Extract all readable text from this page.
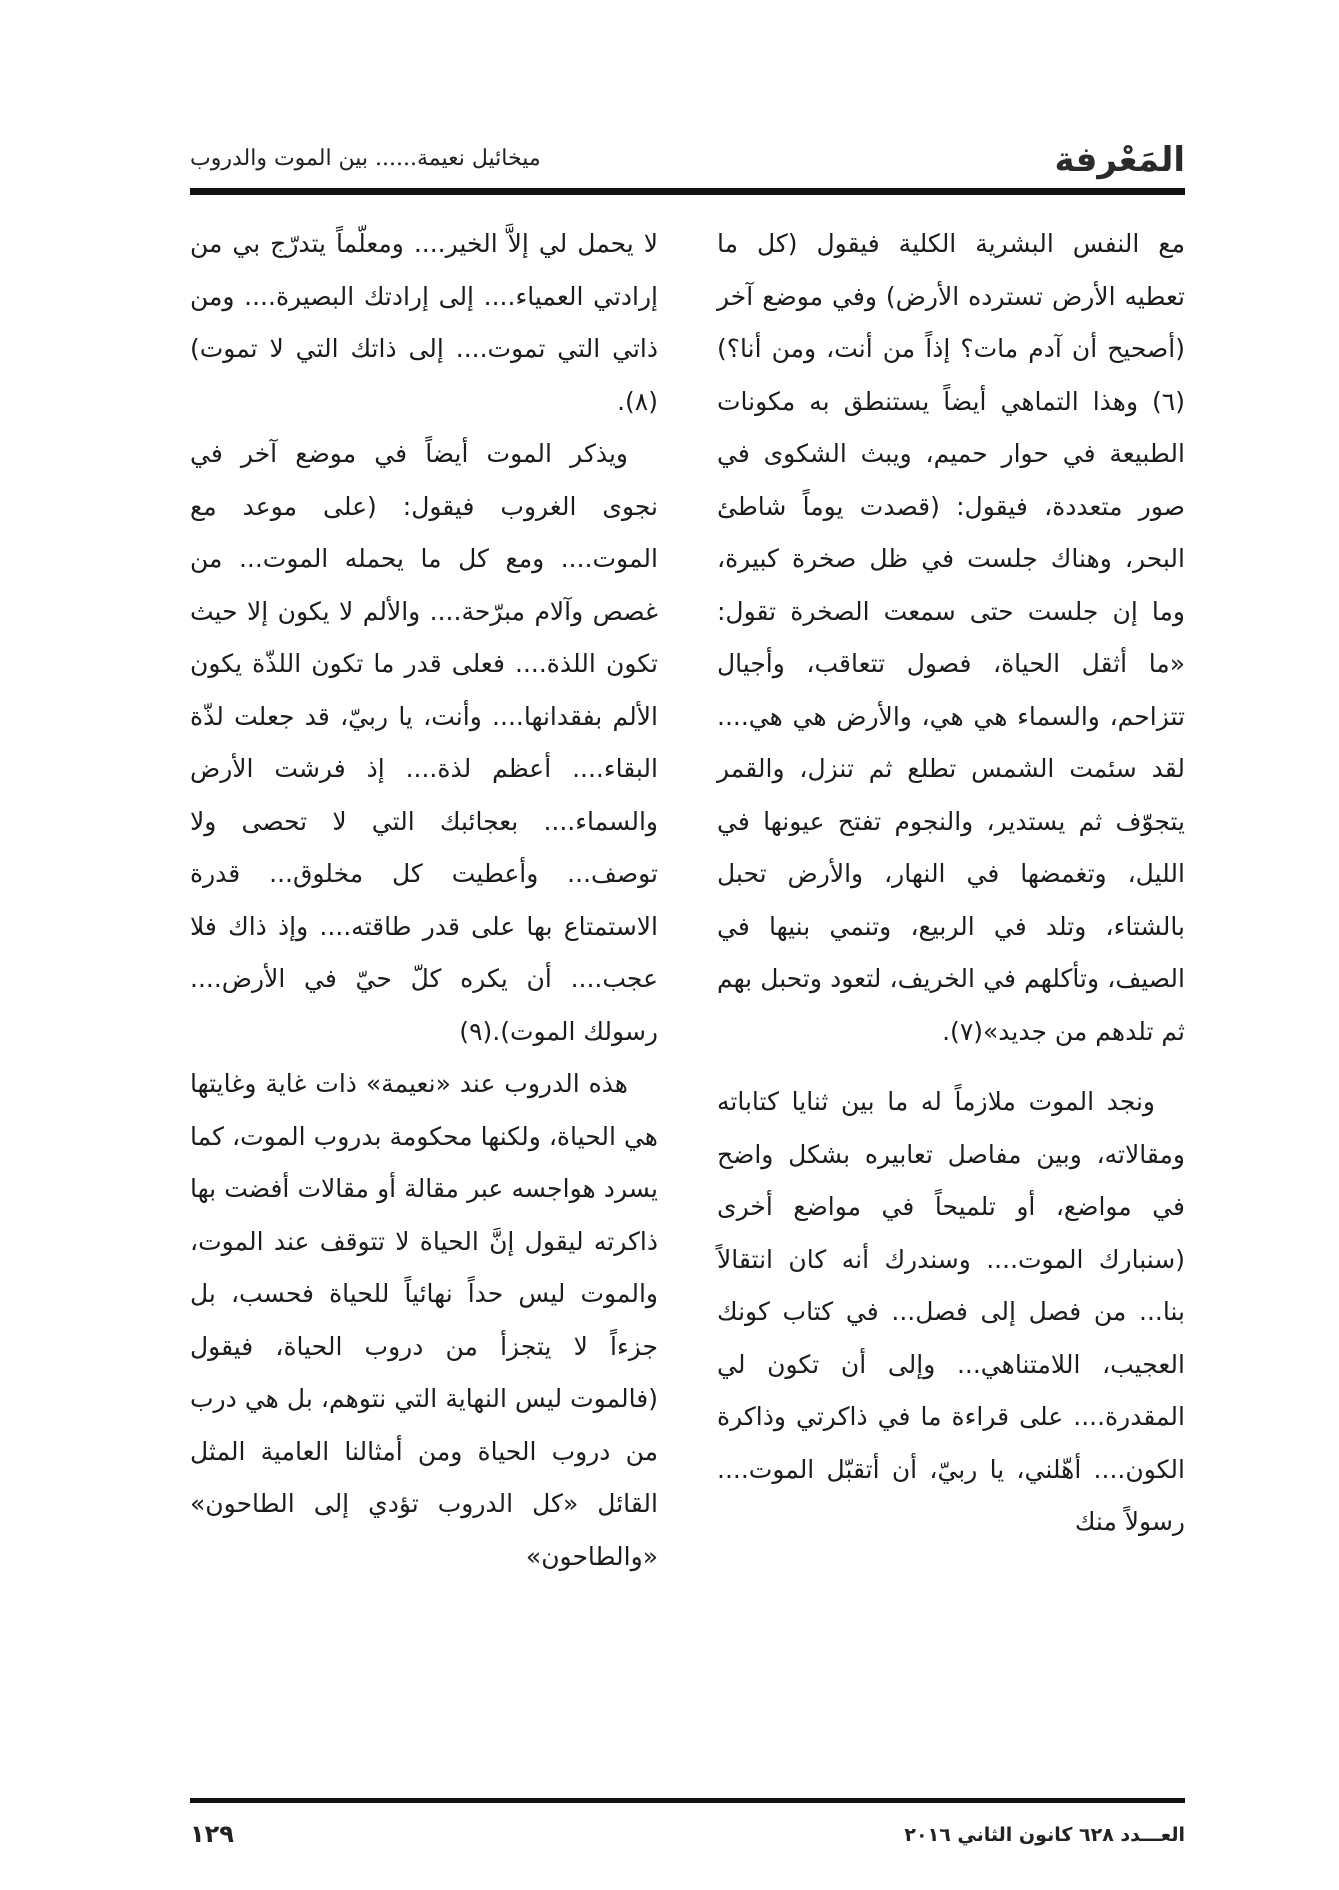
المَعْرفة
ميخائيل نعيمة...... بين الموت والدروب

مع النفس البشرية الكلية فيقول (كل ما تعطيه الأرض تسترده الأرض) وفي موضع آخر (أصحيح أن آدم مات؟ إذاً من أنت، ومن أنا؟)(٦) وهذا التماهي أيضاً يستنطق به مكونات الطبيعة في حوار حميم، ويبث الشكوى في صور متعددة، فيقول: (قصدت يوماً شاطئ البحر، وهناك جلست في ظل صخرة كبيرة، وما إن جلست حتى سمعت الصخرة تقول: «ما أثقل الحياة، فصول تتعاقب، وأجيال تتزاحم، والسماء هي هي، والأرض هي هي.... لقد سئمت الشمس تطلع ثم تنزل، والقمر يتجوّف ثم يستدير، والنجوم تفتح عيونها في الليل، وتغمضها في النهار، والأرض تحبل بالشتاء، وتلد في الربيع، وتنمي بنيها في الصيف، وتأكلهم في الخريف، لتعود وتحبل بهم ثم تلدهم من جديد»(٧).

ونجد الموت ملازماً له ما بين ثنايا كتاباته ومقالاته، وبين مفاصل تعابيره بشكل واضح في مواضع، أو تلميحاً في مواضع أخرى (سنبارك الموت.... وسندرك أنه كان انتقالاً بنا... من فصل إلى فصل... في كتاب كونك العجيب، اللامتناهي... وإلى أن تكون لي المقدرة.... على قراءة ما في ذاكرتي وذاكرة الكون.... أهّلني، يا ربيّ، أن أتقبّل الموت.... رسولاً منك

لا يحمل لي إلاَّ الخير.... ومعلّماً يتدرّج بي من إرادتي العمياء.... إلى إرادتك البصيرة.... ومن ذاتي التي تموت.... إلى ذاتك التي لا تموت)(٨).

ويذكر الموت أيضاً في موضع آخر في نجوى الغروب فيقول: (على موعد مع الموت.... ومع كل ما يحمله الموت... من غصص وآلام مبرّحة.... والألم لا يكون إلا حيث تكون اللذة.... فعلى قدر ما تكون اللذّة يكون الألم بفقدانها.... وأنت، يا ربيّ، قد جعلت لذّة البقاء.... أعظم لذة.... إذ فرشت الأرض والسماء.... بعجائبك التي لا تحصى ولا توصف... وأعطيت كل مخلوق... قدرة الاستمتاع بها على قدر طاقته.... وإذ ذاك فلا عجب.... أن يكره كلّ حيّ في الأرض.... رسولك الموت).(٩)

هذه الدروب عند «نعيمة» ذات غاية وغايتها هي الحياة، ولكنها محكومة بدروب الموت، كما يسرد هواجسه عبر مقالة أو مقالات أفضت بها ذاكرته ليقول إنَّ الحياة لا تتوقف عند الموت، والموت ليس حداً نهائياً للحياة فحسب، بل جزءاً لا يتجزأ من دروب الحياة، فيقول (فالموت ليس النهاية التي نتوهم، بل هي درب من دروب الحياة ومن أمثالنا العامية المثل القائل «كل الدروب تؤدي إلى الطاحون» «والطاحون»

العـــدد ٦٢٨ كانون الثاني ٢٠١٦
١٢٩
